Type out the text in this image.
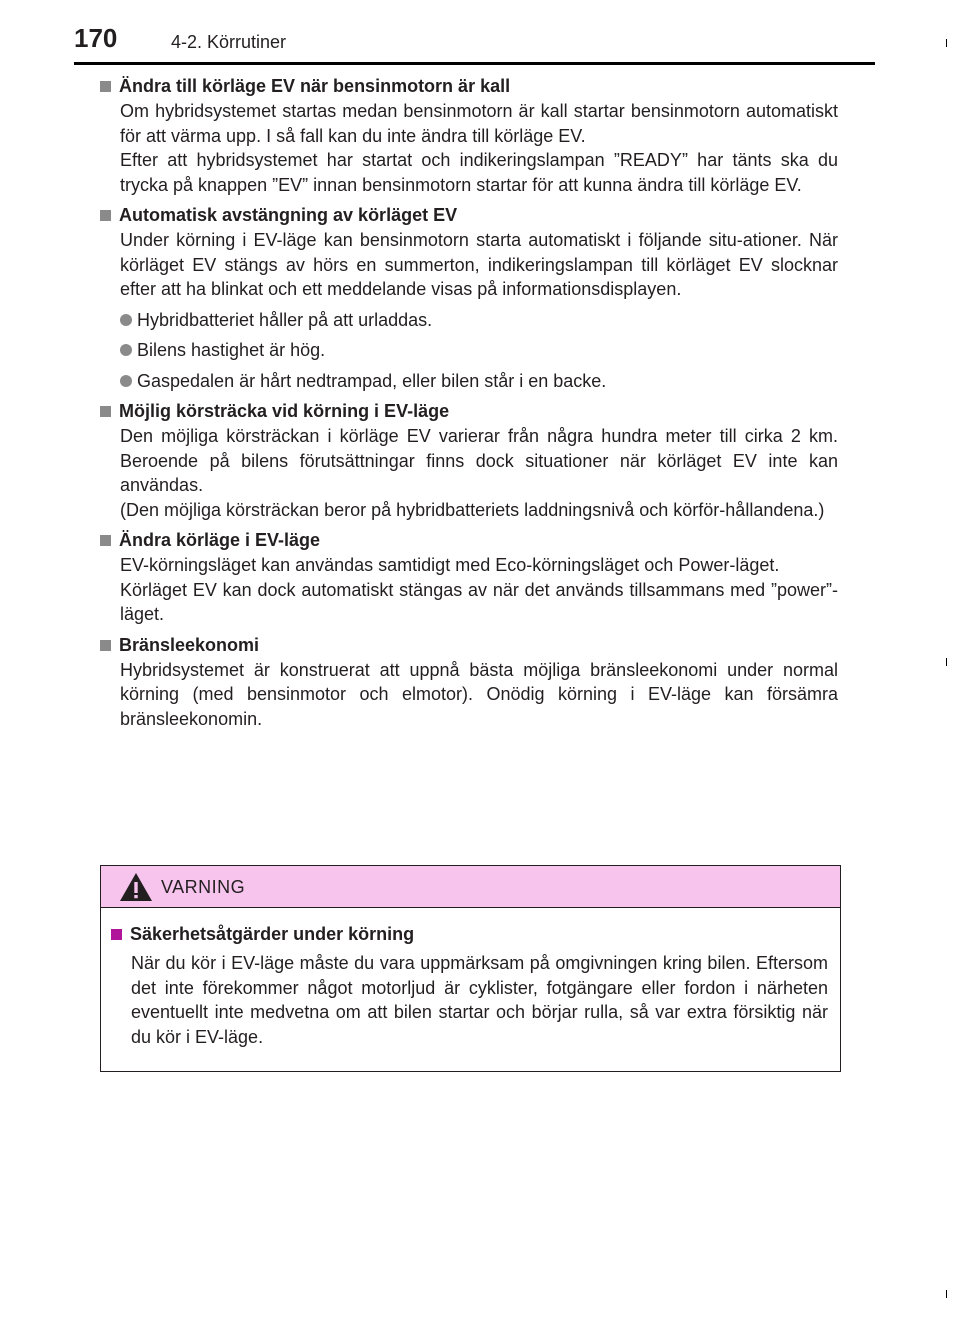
170	4-2. Körrutiner
Ändra till körläge EV när bensinmotorn är kall

Om hybridsystemet startas medan bensinmotorn är kall startar bensinmotorn automatiskt för att värma upp. I så fall kan du inte ändra till körläge EV.

Efter att hybridsystemet har startat och indikeringslampan ”READY” har tänts ska du trycka på knappen ”EV” innan bensinmotorn startar för att kunna ändra till körläge EV.

Automatisk avstängning av körläget EV

Under körning i EV-läge kan bensinmotorn starta automatiskt i följande situ-ationer. När körläget EV stängs av hörs en summerton, indikeringslampan till körläget EV slocknar efter att ha blinkat och ett meddelande visas på informationsdisplayen.

Hybridbatteriet håller på att urladdas.
Bilens hastighet är hög.
Gaspedalen är hårt nedtrampad, eller bilen står i en backe.
Möjlig körsträcka vid körning i EV-läge

Den möjliga körsträckan i körläge EV varierar från några hundra meter till cirka 2 km. Beroende på bilens förutsättningar finns dock situationer när körläget EV inte kan användas.

(Den möjliga körsträckan beror på hybridbatteriets laddningsnivå och körför-hållandena.)

Ändra körläge i EV-läge

EV-körningsläget kan användas samtidigt med Eco-körningsläget och Power-läget.

Körläget EV kan dock automatiskt stängas av när det används tillsammans med ”power”-läget.

Bränsleekonomi

Hybridsystemet är konstruerat att uppnå bästa möjliga bränsleekonomi under normal körning (med bensinmotor och elmotor). Onödig körning i EV-läge kan försämra bränsleekonomin.

VARNING
Säkerhetsåtgärder under körning

När du kör i EV-läge måste du vara uppmärksam på omgivningen kring bilen. Eftersom det inte förekommer något motorljud är cyklister, fotgängare eller fordon i närheten eventuellt inte medvetna om att bilen startar och börjar rulla, så var extra försiktig när du kör i EV-läge.
